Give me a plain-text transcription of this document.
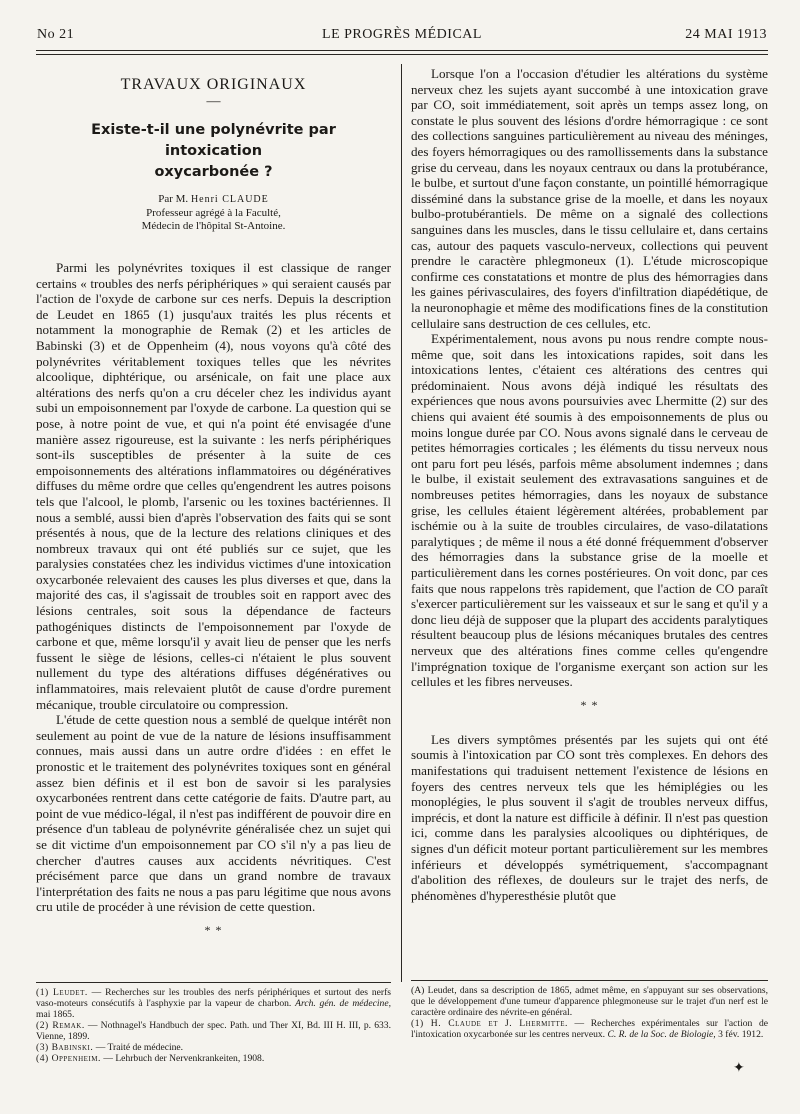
No 21	LE PROGRÈS MÉDICAL	24 MAI 1913
TRAVAUX ORIGINAUX
—
Existe-t-il une polynévrite par intoxication
oxycarbonée ?
Par M. Henri CLAUDE
Professeur agrégé à la Faculté,
Médecin de l'hôpital St-Antoine.

Parmi les polynévrites toxiques il est classique de ranger certains « troubles des nerfs périphériques » qui seraient causés par l'action de l'oxyde de carbone sur ces nerfs. Depuis la description de Leudet en 1865 (1) jusqu'aux traités les plus récents et notamment la monographie de Remak (2) et les articles de Babinski (3) et de Oppenheim (4), nous voyons qu'à côté des polynévrites véritablement toxiques telles que les névrites alcoolique, diphtérique, ou arsénicale, on fait une place aux altérations des nerfs qu'on a cru déceler chez les individus ayant subi un empoisonnement par l'oxyde de carbone. La question qui se pose, à notre point de vue, et qui n'a point été envisagée d'une manière assez rigoureuse, est la suivante : les nerfs périphériques sont-ils susceptibles de présenter à la suite de ces empoisonnements des altérations inflammatoires ou dégénératives diffuses du même ordre que celles qu'engendrent les autres poisons tels que l'alcool, le plomb, l'arsenic ou les toxines bactériennes. Il nous a semblé, aussi bien d'après l'observation des faits qui se sont présentés à nous, que de la lecture des relations cliniques et des nombreux travaux qui ont été publiés sur ce sujet, que les paralysies constatées chez les individus victimes d'une intoxication oxycarbonée relevaient des causes les plus diverses et que, dans la majorité des cas, il s'agissait de troubles soit en rapport avec des lésions centrales, soit sous la dépendance de facteurs pathogéniques distincts de l'empoisonnement par l'oxyde de carbone et que, même lorsqu'il y avait lieu de penser que les nerfs fussent le siège de lésions, celles-ci n'étaient le plus souvent nullement du type des altérations diffuses dégénératives ou inflammatoires, mais relevaient plutôt de cause d'ordre purement mécanique, trouble circulatoire ou compression.

L'étude de cette question nous a semblé de quelque intérêt non seulement au point de vue de la nature de lésions insuffisamment connues, mais aussi dans un autre ordre d'idées : en effet le pronostic et le traitement des polynévrites toxiques sont en général assez bien définis et il est bon de savoir si les paralysies oxycarbonées rentrent dans cette catégorie de faits. D'autre part, au point de vue médico-légal, il n'est pas indifférent de pouvoir dire en présence d'un tableau de polynévrite généralisée chez un sujet qui se dit victime d'un empoisonnement par CO s'il n'y a pas lieu de chercher d'autres causes aux accidents névritiques. C'est précisément parce que dans un grand nombre de travaux l'interprétation des faits ne nous a pas paru légitime que nous avons cru utile de procéder à une révision de cette question.

* *

Lorsque l'on a l'occasion d'étudier les altérations du système nerveux chez les sujets ayant succombé à une intoxication grave par CO, soit immédiatement, soit après un temps assez long, on constate le plus souvent des lésions d'ordre hémorragique : ce sont des collections sanguines particulièrement au niveau des méninges, des foyers hémorragiques ou des ramollissements dans la substance grise du cerveau, dans les noyaux centraux ou dans la protubérance, le bulbe, et surtout d'une façon constante, un pointillé hémorragique disséminé dans la substance grise de la moelle, et dans les noyaux bulbo-protubérantiels. De même on a signalé des collections sanguines dans les muscles, dans le tissu cellulaire et, dans certains cas, autour des paquets vasculo-nerveux, collections qui peuvent prendre le caractère phlegmoneux (1). L'étude microscopique confirme ces constatations et montre de plus des hémorragies dans les gaines périvasculaires, des foyers d'infiltration diapédétique, de la neuronophagie et même des modifications fines de la constitution cellulaire sans destruction de ces cellules, etc.

Expérimentalement, nous avons pu nous rendre compte nous-même que, soit dans les intoxications rapides, soit dans les intoxications lentes, c'étaient ces altérations des centres qui prédominaient. Nous avons déjà indiqué les résultats des expériences que nous avons poursuivies avec Lhermitte (2) sur des chiens qui avaient été soumis à des empoisonnements de plus ou moins longue durée par CO. Nous avons signalé dans le cerveau de petites hémorragies corticales ; les éléments du tissu nerveux nous ont paru fort peu lésés, parfois même absolument indemnes ; dans le bulbe, il existait seulement des extravasations sanguines et de nombreuses petites hémorragies, dans les noyaux de substance grise, les cellules étaient légèrement altérées, probablement par ischémie ou à la suite de troubles circulaires, de vaso-dilatations paralytiques ; de même il nous a été donné fréquemment d'observer des hémorragies dans la substance grise de la moelle et particulièrement dans les cornes postérieures. On voit donc, par ces faits que nous rappelons très rapidement, que l'action de CO paraît s'exercer particulièrement sur les vaisseaux et sur le sang et qu'il y a donc lieu déjà de supposer que la plupart des accidents paralytiques résultent beaucoup plus de lésions mécaniques brutales des centres nerveux que des altérations fines comme celles qu'engendre l'imprégnation toxique de l'organisme exerçant son action sur les cellules et les fibres nerveuses.

* *

Les divers symptômes présentés par les sujets qui ont été soumis à l'intoxication par CO sont très complexes. En dehors des manifestations qui traduisent nettement l'existence de lésions en foyers des centres nerveux tels que les hémiplégies ou les monoplégies, le plus souvent il s'agit de troubles nerveux diffus, imprécis, et dont la nature est difficile à définir. Il n'est pas question ici, comme dans les paralysies alcooliques ou diphtériques, de signes d'un déficit moteur portant particulièrement sur les membres inférieurs et développés symétriquement, s'accompagnant d'abolition des réflexes, de douleurs sur le trajet des nerfs, de phénomènes d'hyperesthésie plutôt que

(1) Leudet. — Recherches sur les troubles des nerfs périphériques et surtout des nerfs vaso-moteurs consécutifs à l'asphyxie par la vapeur de charbon. Arch. gén. de médecine, mai 1865.

(2) Remak. — Nothnagel's Handbuch der spec. Path. und Ther XI, Bd. III H. III, p. 633. Vienne, 1899.

(3) Babinski. — Traité de médecine.

(4) Oppenheim. — Lehrbuch der Nervenkrankeiten, 1908.

(A) Leudet, dans sa description de 1865, admet même, en s'appuyant sur ses observations, que le développement d'une tumeur d'apparence phlegmoneuse sur le trajet d'un nerf est le caractère ordinaire des névrite-en général.

(1) H. Claude et J. Lhermitte. — Recherches expérimentales sur l'action de l'intoxication oxycarbonée sur les centres nerveux. C. R. de la Soc. de Biologie, 3 fév. 1912.

✦
